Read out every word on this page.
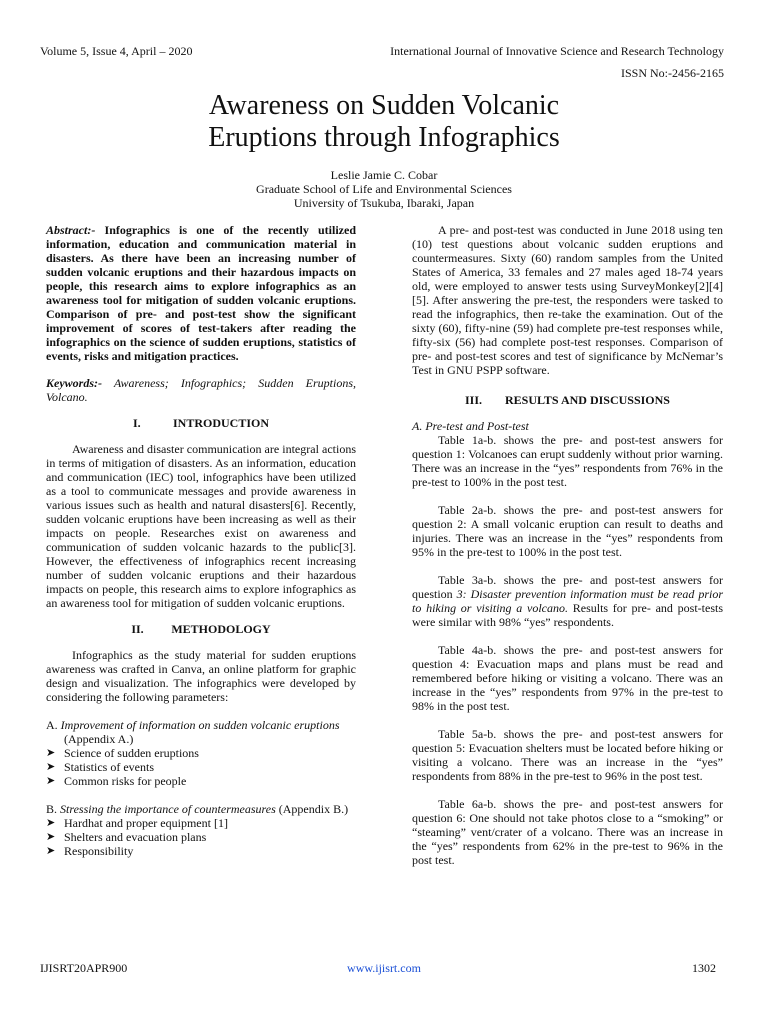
Volume 5, Issue 4, April – 2020	International Journal of Innovative Science and Research Technology
ISSN No:-2456-2165
Awareness on Sudden Volcanic
Eruptions through Infographics
Leslie Jamie C. Cobar
Graduate School of Life and Environmental Sciences
University of Tsukuba, Ibaraki, Japan

Abstract:- Infographics is one of the recently utilized information, education and communication material in disasters. As there have been an increasing number of sudden volcanic eruptions and their hazardous impacts on people, this research aims to explore infographics as an awareness tool for mitigation of sudden volcanic eruptions. Comparison of pre- and post-test show the significant improvement of scores of test-takers after reading the infographics on the science of sudden eruptions, statistics of events, risks and mitigation practices.

Keywords:- Awareness; Infographics; Sudden Eruptions, Volcano.

I.	INTRODUCTION

Awareness and disaster communication are integral actions in terms of mitigation of disasters. As an information, education and communication (IEC) tool, infographics have been utilized as a tool to communicate messages and provide awareness in various issues such as health and natural disasters[6]. Recently, sudden volcanic eruptions have been increasing as well as their impacts on people. Researches exist on awareness and communication of sudden volcanic hazards to the public[3]. However, the effectiveness of infographics recent increasing number of sudden volcanic eruptions and their hazardous impacts on people, this research aims to explore infographics as an awareness tool for mitigation of sudden volcanic eruptions.

II. METHODOLOGY

Infographics as the study material for sudden eruptions awareness was crafted in Canva, an online platform for graphic design and visualization. The infographics were developed by considering the following parameters:

A. Improvement of information on sudden volcanic eruptions (Appendix A.)

➤ Science of sudden eruptions
➤ Statistics of events
➤ Common risks for people

B. Stressing the importance of countermeasures (Appendix B.)

➤ Hardhat and proper equipment [1]
➤ Shelters and evacuation plans
➤ Responsibility

A pre- and post-test was conducted in June 2018 using ten (10) test questions about volcanic sudden eruptions and countermeasures. Sixty (60) random samples from the United States of America, 33 females and 27 males aged 18-74 years old, were employed to answer tests using SurveyMonkey[2][4][5]. After answering the pre-test, the responders were tasked to read the infographics, then re-take the examination. Out of the sixty (60), fifty-nine (59) had complete pre-test responses while, fifty-six (56) had complete post-test responses. Comparison of pre- and post-test scores and test of significance by McNemar’s Test in GNU PSPP software.

III. RESULTS AND DISCUSSIONS

A. Pre-test and Post-test

Table 1a-b. shows the pre- and post-test answers for question 1: Volcanoes can erupt suddenly without prior warning. There was an increase in the “yes” respondents from 76% in the pre-test to 100% in the post test.

Table 2a-b. shows the pre- and post-test answers for question 2: A small volcanic eruption can result to deaths and injuries. There was an increase in the “yes” respondents from 95% in the pre-test to 100% in the post test.

Table 3a-b. shows the pre- and post-test answers for question 3: Disaster prevention information must be read prior to hiking or visiting a volcano. Results for pre- and post-tests were similar with 98% “yes” respondents.

Table 4a-b. shows the pre- and post-test answers for question 4: Evacuation maps and plans must be read and remembered before hiking or visiting a volcano. There was an increase in the “yes” respondents from 97% in the pre-test to 98% in the post test.

Table 5a-b. shows the pre- and post-test answers for question 5: Evacuation shelters must be located before hiking or visiting a volcano. There was an increase in the “yes” respondents from 88% in the pre-test to 96% in the post test.

Table 6a-b. shows the pre- and post-test answers for question 6: One should not take photos close to a “smoking” or “steaming” vent/crater of a volcano. There was an increase in the “yes” respondents from 62% in the pre-test to 96% in the post test.

IJISRT20APR900	www.ijisrt.com	1302
